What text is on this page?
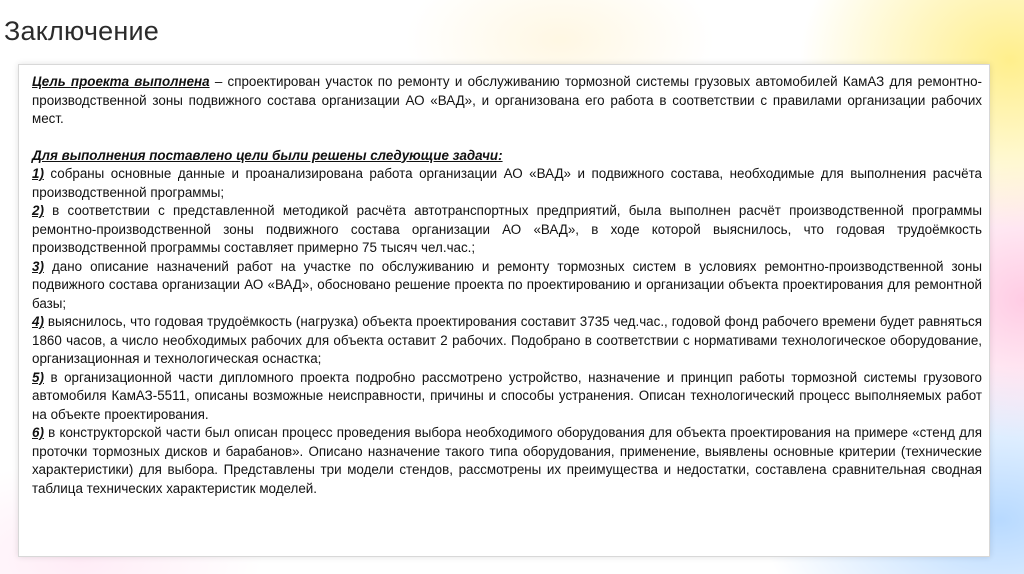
Заключение

Цель проекта выполнена – спроектирован участок по ремонту и обслуживанию тормозной системы грузовых автомобилей КамАЗ для ремонтно-производственной зоны подвижного состава организации АО «ВАД», и организована его работа в соответствии с правилами организации рабочих мест.

Для выполнения поставлено цели были решены следующие задачи:

1) собраны основные данные и проанализирована работа организации АО «ВАД» и подвижного состава, необходимые для выполнения расчёта производственной программы;

2) в соответствии с представленной методикой расчёта автотранспортных предприятий, была выполнен расчёт производственной программы ремонтно-производственной зоны подвижного состава организации АО «ВАД», в ходе которой выяснилось, что годовая трудоёмкость производственной программы составляет примерно 75 тысяч чел.час.;

3) дано описание назначений работ на участке по обслуживанию и ремонту тормозных систем в условиях ремонтно-производственной зоны подвижного состава организации АО «ВАД», обосновано решение проекта по проектированию и организации объекта проектирования для ремонтной базы;

4) выяснилось, что годовая трудоёмкость (нагрузка) объекта проектирования составит 3735 чед.час., годовой фонд рабочего времени будет равняться 1860 часов, а число необходимых рабочих для объекта оставит 2 рабочих. Подобрано в соответствии с нормативами технологическое оборудование, организационная и технологическая оснастка;

5) в организационной части дипломного проекта подробно рассмотрено устройство, назначение и принцип работы тормозной системы грузового автомобиля КамАЗ-5511, описаны возможные неисправности, причины и способы устранения. Описан технологический процесс выполняемых работ на объекте проектирования.

6) в конструкторской части был описан процесс проведения выбора необходимого оборудования для объекта проектирования на примере «стенд для проточки тормозных дисков и барабанов». Описано назначение такого типа оборудования, применение, выявлены основные критерии (технические характеристики) для выбора. Представлены три модели стендов, рассмотрены их преимущества и недостатки, составлена сравнительная сводная таблица технических характеристик моделей.
